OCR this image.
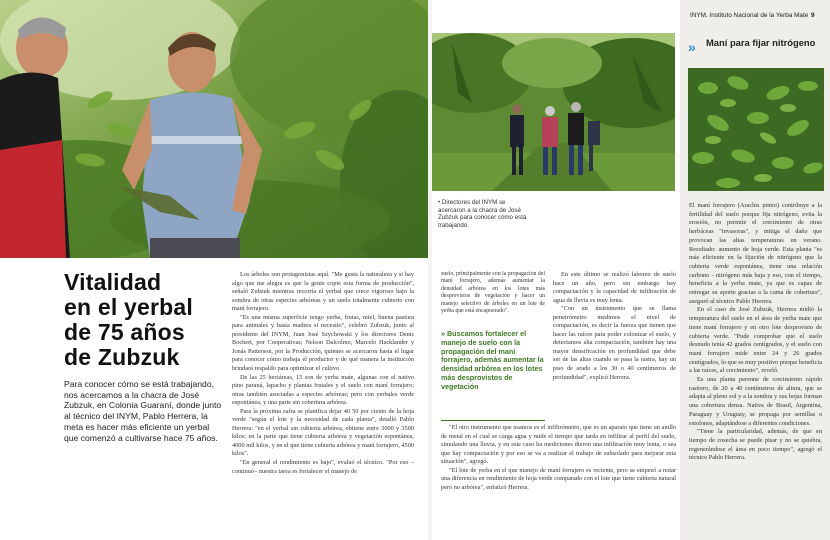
INYM. Instituto Nacional de la Yerba Mate 9
» Maní para fijar nitrógeno
Vitalidad
en el yerbal
de 75 años
de Zubzuk
Para conocer cómo se está trabajando, nos acercamos a la chacra de José Zubzuk, en Colonia Guaraní, donde junto al técnico del INYM, Pablo Herrera, la meta es hacer más eficiente un yerbal que comenzó a cultivarse hace 75 años.

Los árboles son protagonistas aquí. "Me gusta la naturaleza y si hay algo que me alegra es que la gente copie esta forma de producción", señaló Zubzuk mientras recorría el yerbal que crece vigoroso bajo la sombra de otras especies arbóreas y un suelo totalmente cubierto con maní forrajero.

"Es una misma superficie tengo yerba, frutas, miel, buena pastura para animales y hasta madera si necesito", celebró Zubzuk, junto al presidente del INYM, Juan José Szychowski y los directores Denis Bochert, por Cooperativas; Nelson Dalcolmo, Marcelo Hacklander y Jonás Patterson, por la Producción, quienes se acercaron hasta el lugar para conocer cómo trabaja el productor y de qué manera la institución brindará respaldo para optimizar el cultivo.

De las 25 hectáreas, 15 son de yerba mate, algunas con el nativo pino paraná, lapacho y plantas frutales y el suelo con maní forrajero; otras también asociadas a especies arbóreas; pero con yerbales verde espontánea, y una parte sin cobertura arbórea.

Para la próxima zafra se planifica dejar 40 50 por ciento de la hoja verde "según el lote y la necesidad de cada planta", detalló Pablo Herrera: "en el yerbal sin cubierta arbórea, obtiene entre 3000 y 3500 kilos; en la parte que tiene cubierta arbórea y vegetación espontánea, 4000 mil kilos, y en el que tiene cubierta arbórea y maní forrajero, 4500 kilos".

"En general el rendimiento es bajo", evaluó el técnico. "Por eso –continuó– nuestra tarea es fortalecer el manejo de

• Directores del INYM se acercaron a la chacra de José Zubzuk para conocer cómo está trabajando.

suelo, principalmente con la propagación del maní forrajero, además aumentar la densidad arbórea en los lotes más desprovistos de vegetación y hacer un manejo selectivo de árboles en un lote de yerba que está encapoerado".

» Buscamos fortalecer el manejo de suelo con la propagación del maní forrajero, además aumentar la densidad arbórea en los lotes más desprovistos de vegetación

En este último se realizó laboreo de suelo hace un año, pero sin embargo hay compactación y la capacidad de infiltración de agua de lluvia es muy lenta.

"Con un instrumento que se llama penetrómetro medimos el nivel de compactación, es decir la fuerza que tienen que hacer las raíces para poder colonizar el suelo, y detectamos alta compactación, también hay una mayor densificación en profundidad que debe ser de las altas cuando se pasa la rastra, hay un piso de arado a los 30 o 40 centímetros de profundidad", explicó Herrera.

"El otro instrumento que usamos es el infiltrómetro, que es un aparato que tiene un anillo de metal en el cual se carga agua y mide el tiempo que tarda en infiltrar al perfil del suelo, simulando una lluvia, y en este caso ha mediciones dieron una infiltración muy lenta, o sea que hay compactación y por eso se va a realizar el trabajo de subsolado para mejorar esta situación", agregó.

"El lote de yerba en el que manejo de maní forrajero es reciente, pero se empezó a notar una diferencia en rendimiento de hoja verde comparado con el lote que tiene cubierta natural pero no arbórea", enfatizó Herrera.

El maní forrajero (Arachis pintoi) contribuye a la fertilidad del suelo porque fija nitrógeno, evita la erosión, no permite el crecimiento de otras herbáceas "invasoras", y mitiga el daño que provocan las altas temperaturas en verano. Resultado: aumento de hoja verde. Esta planta "es más eficiente en la fijación de nitrógeno que la cubierta verde espontánea, tiene una relación carbono - nitrógeno más baja y eso, con el tiempo, beneficia a la yerba mate, ya que es capaz de entregar su aporte gracias a la cama de cobertura", aseguró al técnico Pablo Herrera.

En el caso de José Zubzuk, Herrera midió la temperatura del suelo en el área de yerba mate que tiene maní forrajero y en otro lote desprovisto de cubierta verde. "Pude comprobar que el suelo desnudo tenía 42 grados centígrados, y el suelo con maní forrajero mide entre 24 y 26 grados centígrados, lo que es muy positivo porque beneficia a las raíces, al crecimiento", reveló.

Es una planta perenne de crecimiento rápido rastrero, de 20 a 40 centímetros de altura, que se adapta al pleno sol y a la sombra y sus hojas forman una cobertura densa. Nativa de Brasil, Argentina, Paraguay y Uruguay, se propaga por semillas o estolones, adaptándose a diferentes condiciones.

"Tiene la particularidad, además, de que en tiempo de cosecha se puede pisar y no se quiebra, regenerándose el área en poco tiempo", agregó el técnico Pablo Herrera.
